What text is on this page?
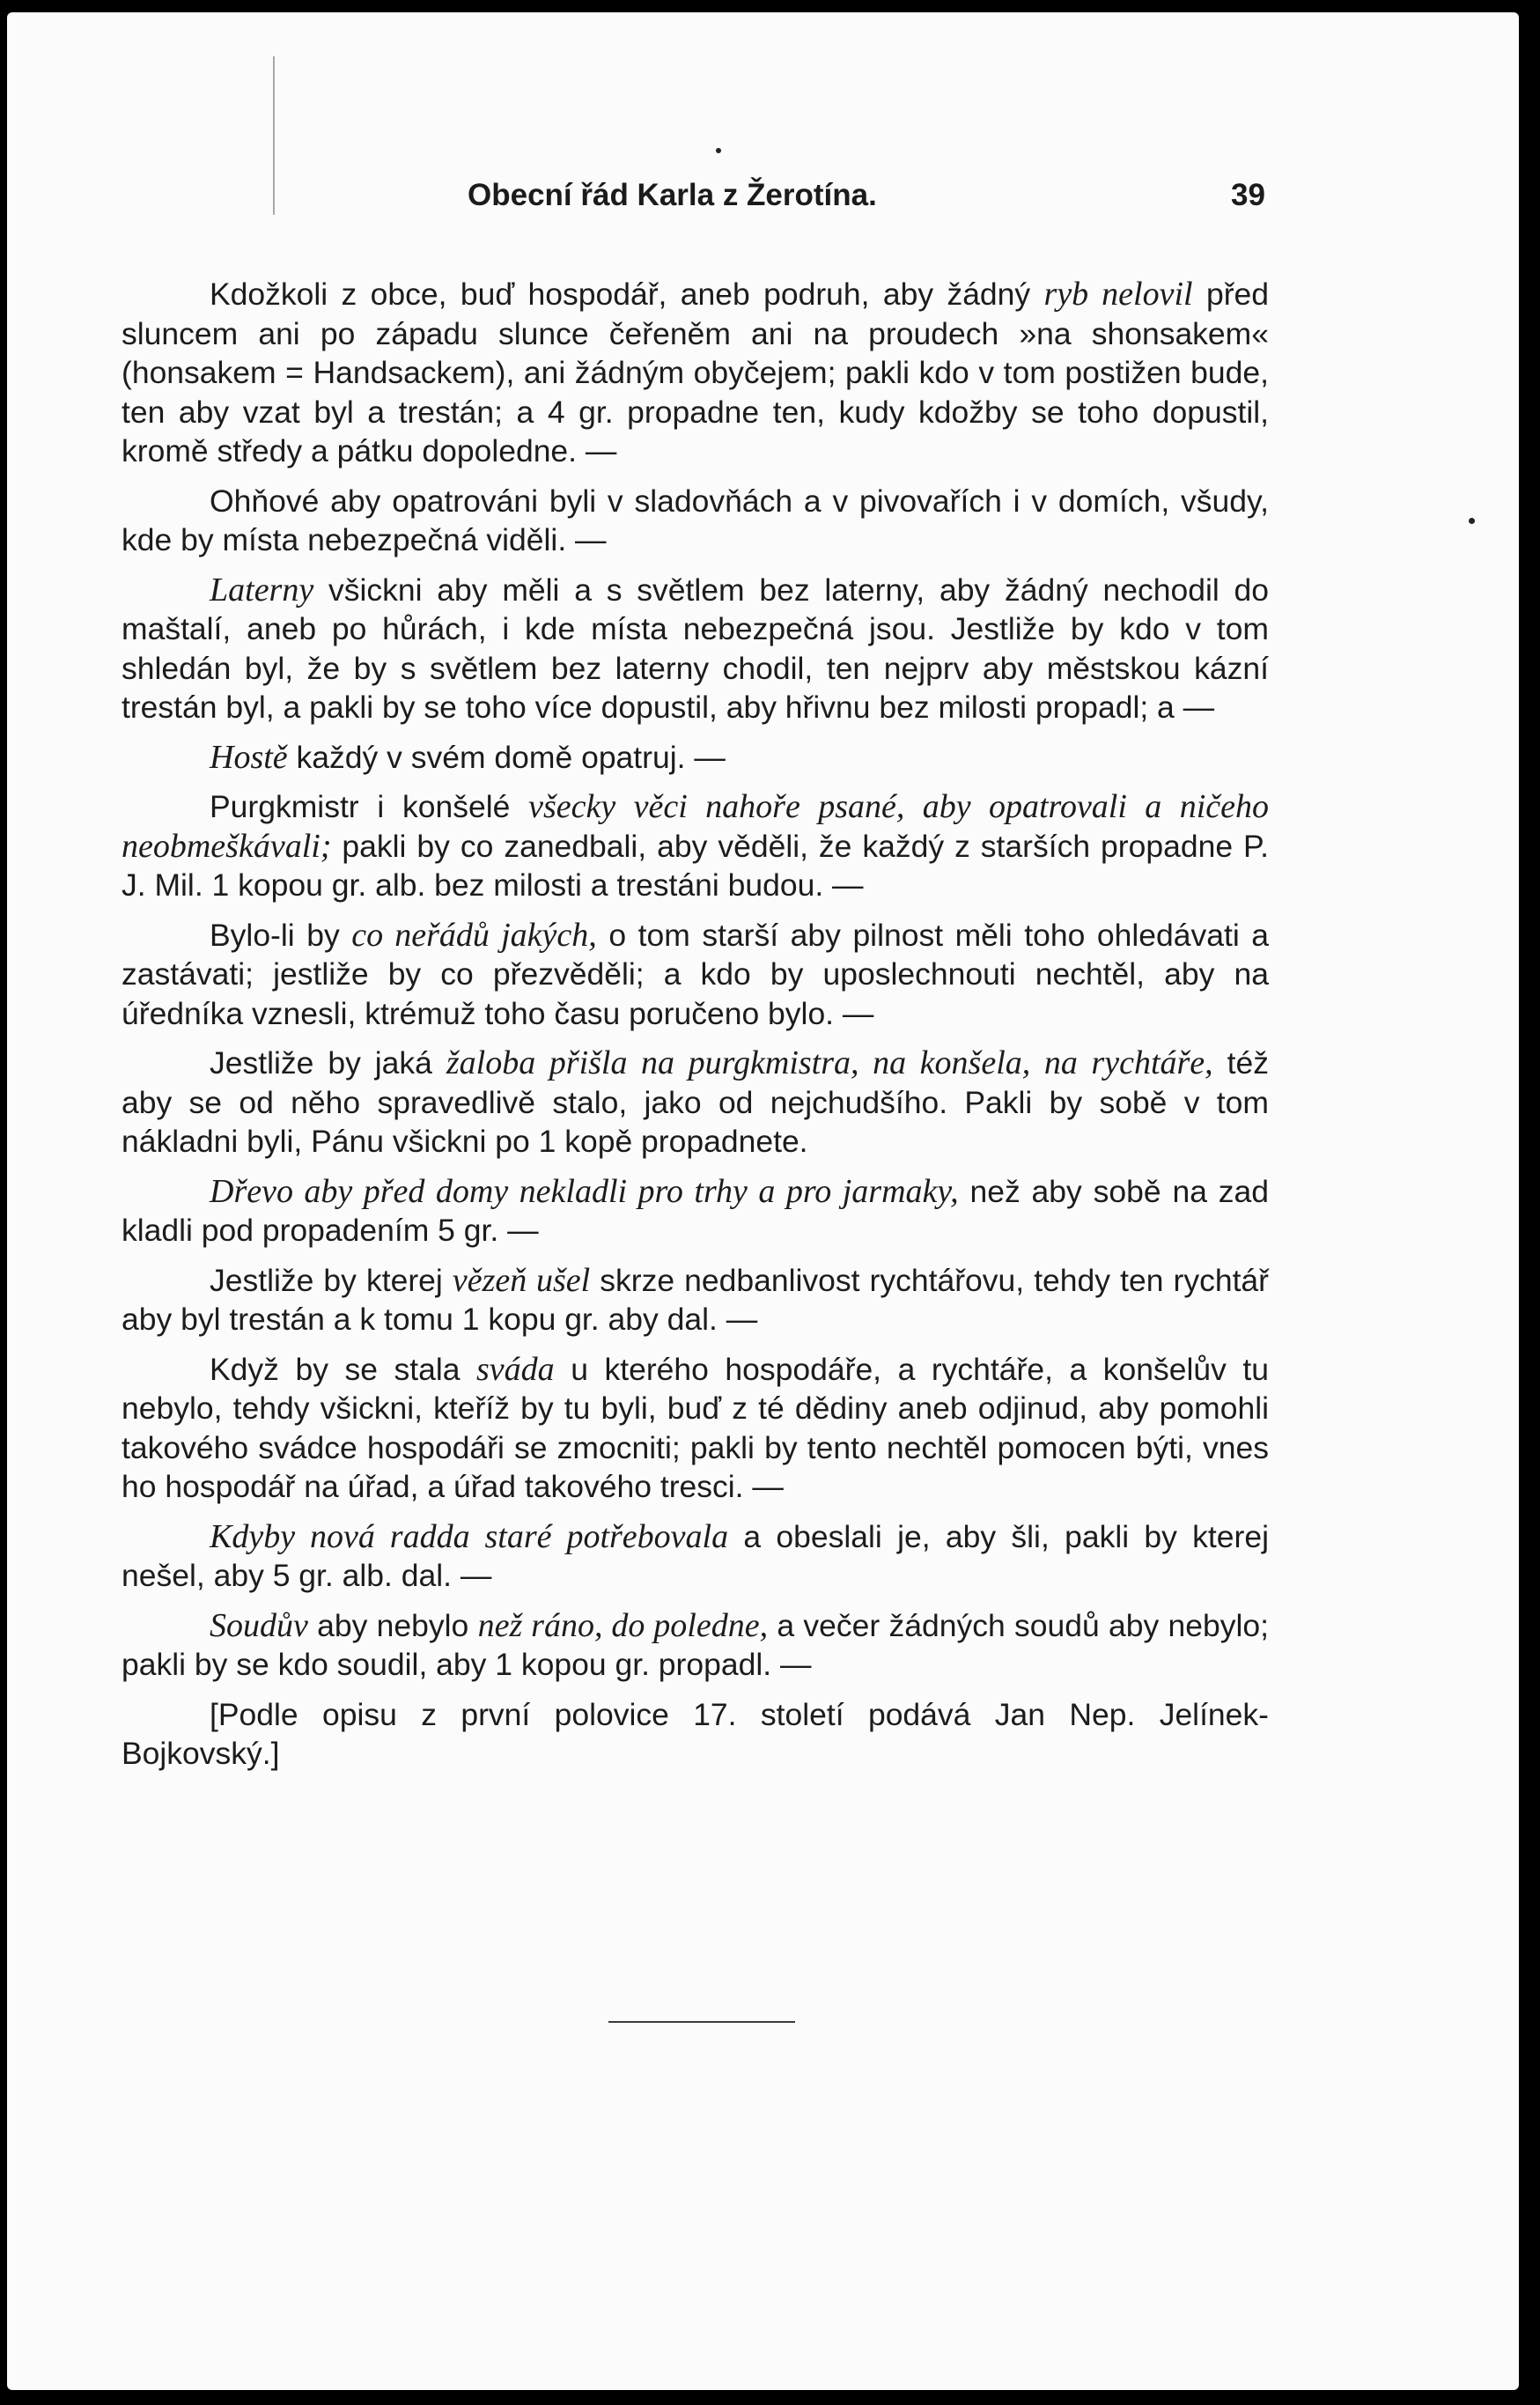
Obecní řád Karla z Žerotína.	39

Kdožkoli z obce, buď hospodář, aneb podruh, aby žádný ryb nelovil před sluncem ani po západu slunce čeřeněm ani na proudech »na shonsakem« (honsakem = Handsackem), ani žádným obyčejem; pakli kdo v tom postižen bude, ten aby vzat byl a trestán; a 4 gr. propadne ten, kudy kdožby se toho dopustil, kromě středy a pátku dopoledne. —

Ohňové aby opatrováni byli v sladovňách a v pivovařích i v domích, všudy, kde by místa nebezpečná viděli. —

Laterny všickni aby měli a s světlem bez laterny, aby žádný nechodil do maštalí, aneb po hůrách, i kde místa nebezpečná jsou. Jestliže by kdo v tom shledán byl, že by s světlem bez laterny chodil, ten nejprv aby městskou kázní trestán byl, a pakli by se toho více dopustil, aby hřivnu bez milosti propadl; a —

Hostě každý v svém domě opatruj. —

Purgkmistr i konšelé všecky věci nahoře psané, aby opatrovali a ničeho neobmeškávali; pakli by co zanedbali, aby věděli, že každý z starších propadne P. J. Mil. 1 kopou gr. alb. bez milosti a trestáni budou. —

Bylo-li by co neřádů jakých, o tom starší aby pilnost měli toho ohledávati a zastávati; jestliže by co přezvěděli; a kdo by uposlechnouti nechtěl, aby na úředníka vznesli, ktrémuž toho času poručeno bylo. —

Jestliže by jaká žaloba přišla na purgkmistra, na konšela, na rychtáře, též aby se od něho spravedlivě stalo, jako od nejchudšího. Pakli by sobě v tom nákladni byli, Pánu všickni po 1 kopě propadnete.

Dřevo aby před domy nekladli pro trhy a pro jarmaky, než aby sobě na zad kladli pod propadením 5 gr. —

Jestliže by kterej vězeň ušel skrze nedbanlivost rychtářovu, tehdy ten rychtář aby byl trestán a k tomu 1 kopu gr. aby dal. —

Když by se stala svádа u kterého hospodáře, a rychtáře, a konšelův tu nebylo, tehdy všickni, kteříž by tu byli, buď z té dědiny aneb odjinud, aby pomohli takového svádce hospodáři se zmocniti; pakli by tento nechtěl pomocen býti, vnes ho hospodář na úřad, a úřad takového tresci. —

Kdyby nová radda staré potřebovala a obeslali je, aby šli, pakli by kterej nešel, aby 5 gr. alb. dal. —

Soudův aby nebylo než ráno, do poledne, a večer žádných soudů aby nebylo; pakli by se kdo soudil, aby 1 kopou gr. propadl. —

[Podle opisu z první polovice 17. století podává Jan Nep. Jelínek-Bojkovský.]
